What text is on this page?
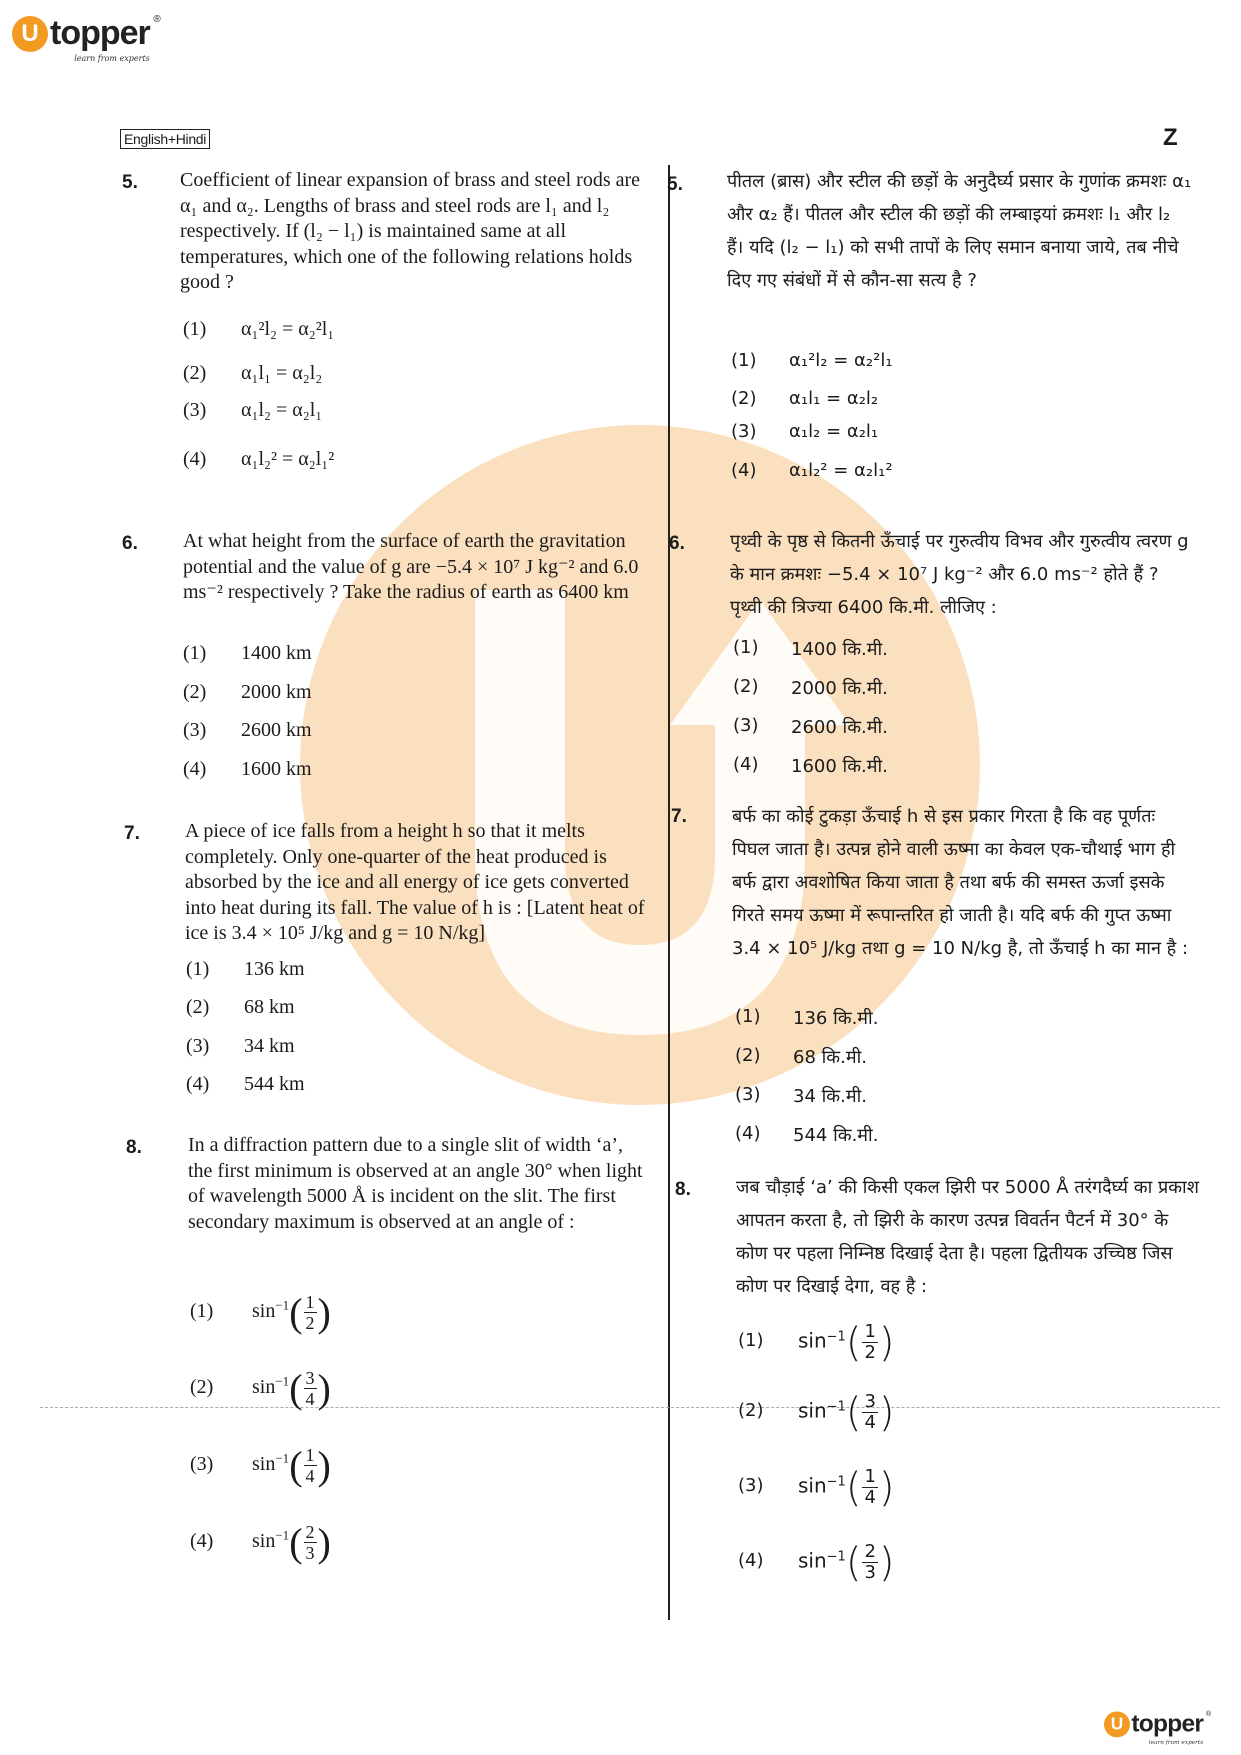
U topper ®
learn from experts
English+Hindi	Z
5. Coefficient of linear expansion of brass and steel rods are α₁ and α₂. Lengths of brass and steel rods are l₁ and l₂ respectively. If (l₂ − l₁) is maintained same at all temperatures, which one of the following relations holds good ?
(1) α₁²l₂ = α₂²l₁
(2) α₁l₁ = α₂l₂
(3) α₁l₂ = α₂l₁
(4) α₁l₂² = α₂l₁²
6. At what height from the surface of earth the gravitation potential and the value of g are −5.4 × 10⁷ J kg⁻² and 6.0 ms⁻² respectively ? Take the radius of earth as 6400 km
(1) 1400 km
(2) 2000 km
(3) 2600 km
(4) 1600 km
7. A piece of ice falls from a height h so that it melts completely. Only one-quarter of the heat produced is absorbed by the ice and all energy of ice gets converted into heat during its fall. The value of h is : [Latent heat of ice is 3.4 × 10⁵ J/kg and g = 10 N/kg]
(1) 136 km
(2) 68 km
(3) 34 km
(4) 544 km
8. In a diffraction pattern due to a single slit of width ‘a’, the first minimum is observed at an angle 30° when light of wavelength 5000 Å is incident on the slit. The first secondary maximum is observed at an angle of :
(1) $\sin^{-1}$ ( $\frac{1}{2}$ )
(2) $\sin^{-1}$ ( $\frac{3}{4}$ )
(3) $\sin^{-1}$ ( $\frac{1}{4}$ )
(4) $\sin^{-1}$ ( $\frac{2}{3}$ )
5. पीतल (ब्रास) और स्टील की छड़ों के अनुदैर्घ्य प्रसार के गुणांक क्रमशः α₁ और α₂ हैं। पीतल और स्टील की छड़ों की लम्बाइयां क्रमशः l₁ और l₂ हैं। यदि (l₂ − l₁) को सभी तापों के लिए समान बनाया जाये, तब नीचे दिए गए संबंधों में से कौन-सा सत्य है ?
(1) α₁²l₂ = α₂²l₁
(2) α₁l₁ = α₂l₂
(3) α₁l₂ = α₂l₁
(4) α₁l₂² = α₂l₁²
6.	पृथ्वी के पृष्ठ से कितनी ऊँचाई पर गुरुत्वीय विभव और गुरुत्वीय त्वरण g के मान क्रमशः −5.4 × 10⁷ J kg⁻² और 6.0 ms⁻² होते हैं ? पृथ्वी की त्रिज्या 6400 कि.मी. लीजिए :
(1) 1400 कि.मी.
(2) 2000 कि.मी.
(3) 2600 कि.मी.
(4) 1600 कि.मी.
7.	बर्फ का कोई टुकड़ा ऊँचाई h से इस प्रकार गिरता है कि वह पूर्णतः पिघल जाता है। उत्पन्न होने वाली ऊष्मा का केवल एक-चौथाई भाग ही बर्फ द्वारा अवशोषित किया जाता है तथा बर्फ की समस्त ऊर्जा इसके गिरते समय ऊष्मा में रूपान्तरित हो जाती है। यदि बर्फ की गुप्त ऊष्मा 3.4 × 10⁵ J/kg तथा g = 10 N/kg है, तो ऊँचाई h का मान है :
(1) 136 कि.मी.
(2) 68 कि.मी.
(3) 34 कि.मी.
(4) 544 कि.मी.
8.	जब चौड़ाई ‘a’ की किसी एकल झिरी पर 5000 Å तरंगदैर्घ्य का प्रकाश आपतन करता है, तो झिरी के कारण उत्पन्न विवर्तन पैटर्न में 30° के कोण पर पहला निम्निष्ठ दिखाई देता है। पहला द्वितीयक उच्चिष्ठ जिस कोण पर दिखाई देगा, वह है :
(1) $\sin^{-1}$ ( $\frac{1}{2}$ )
(2) $\sin^{-1}$ ( $\frac{3}{4}$ )
(3) $\sin^{-1}$ ( $\frac{1}{4}$ )
(4) $\sin^{-1}$ ( $\frac{2}{3}$ )
U topper ®
learn from experts
